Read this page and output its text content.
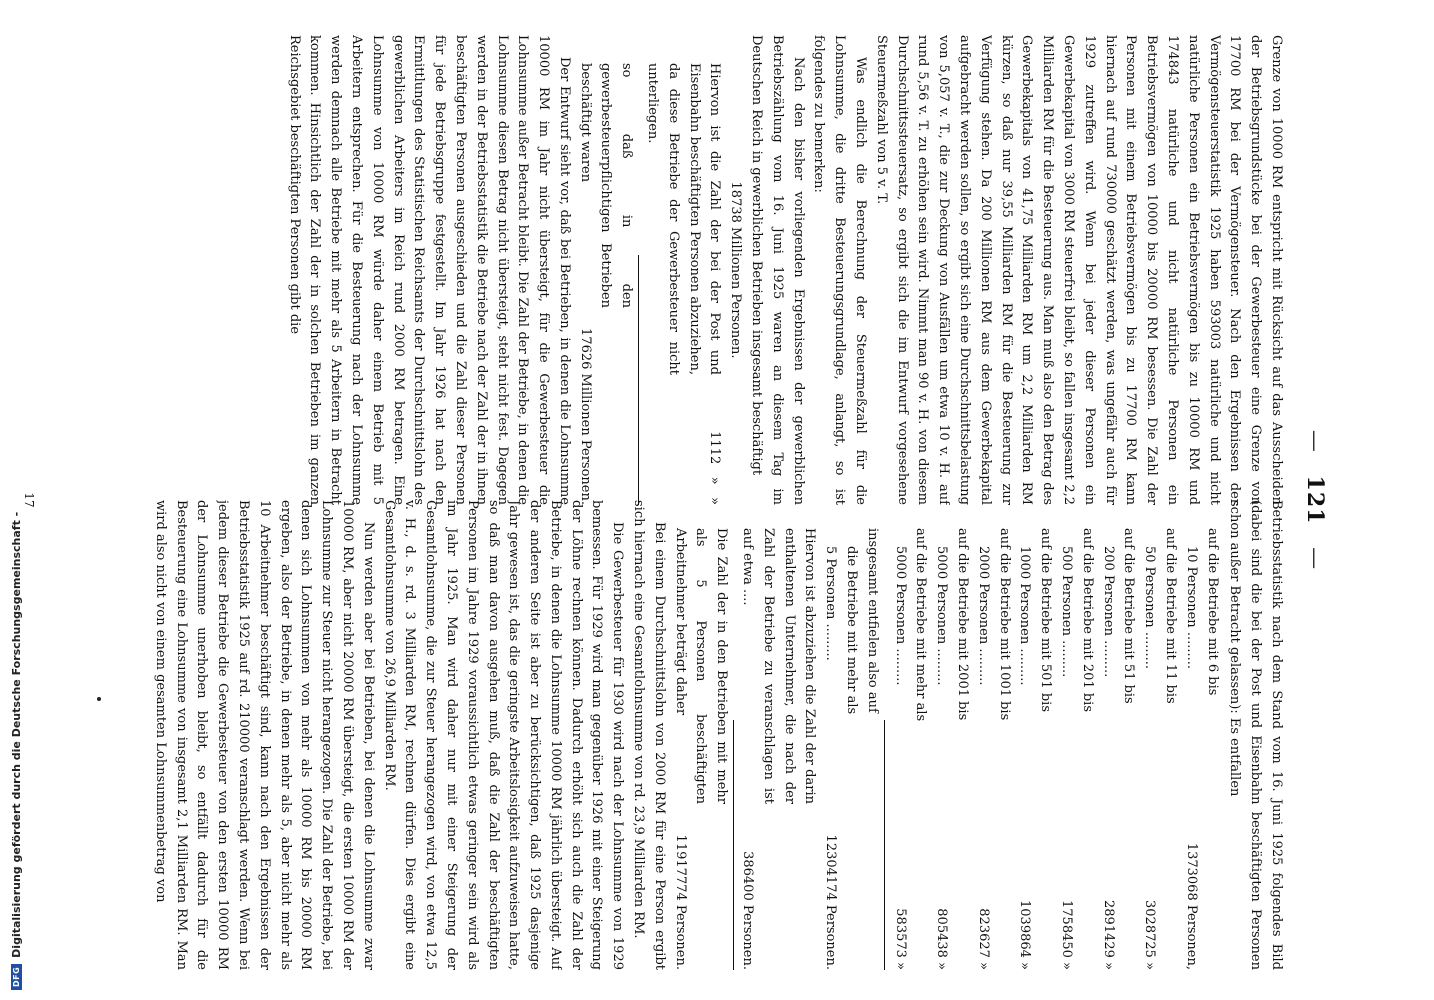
DFG
Digitalisierung gefördert durch die Deutsche Forschungsgemeinschaft -
— 121 —

Grenze von 10000 RM entspricht mit Rücksicht auf das Ausscheiden der Betriebsgrundstücke bei der Gewerbesteuer eine Grenze von 17700 RM bei der Vermögensteuer. Nach den Ergebnissen der Vermögensteuerstatistik 1925 haben 593003 natürliche und nicht natürliche Personen ein Betriebsvermögen bis zu 10000 RM und 174843 natürliche und nicht natürliche Personen ein Betriebsvermögen von 10000 bis 20000 RM besessen. Die Zahl der Personen mit einem Betriebsvermögen bis zu 17700 RM kann hiernach auf rund 730000 geschätzt werden, was ungefähr auch für 1929 zutreffen wird. Wenn bei jeder dieser Personen ein Gewerbekapital von 3000 RM steuerfrei bleibt, so fallen insgesamt 2,2 Milliarden RM für die Besteuerung aus. Man muß also den Betrag des Gewerbekapitals von 41,75 Milliarden RM um 2,2 Milliarden RM kürzen, so daß nur 39,55 Milliarden RM für die Besteuerung zur Verfügung stehen. Da 200 Millionen RM aus dem Gewerbekapital aufgebracht werden sollen, so ergibt sich eine Durchschnittsbelastung von 5,057 v. T., die zur Deckung von Ausfällen um etwa 10 v. H. auf rund 5,56 v. T. zu erhöhen sein wird. Nimmt man 90 v. H. von diesem Durchschnittssteuersatz, so ergibt sich die im Entwurf vorgesehene Steuermeßzahl von 5 v. T.

Was endlich die Berechnung der Steuermeßzahl für die Lohnsumme, die dritte Besteuerungsgrundlage, anlangt, so ist folgendes zu bemerken:

Nach den bisher vorliegenden Ergebnissen der gewerblichen Betriebszählung vom 16. Juni 1925 waren an diesem Tag im Deutschen Reich in gewerblichen Betrieben insgesamt beschäftigt

18738 Millionen Personen.

Hiervon ist die Zahl der bei der Post und Eisenbahn beschäftigten Personen abzuziehen, da diese Betriebe der Gewerbesteuer nicht unterliegen.
1112   »   »
so daß in den gewerbesteuerpflichtigen Betrieben beschäftigt waren
17626 Millionen Personen.

Der Entwurf sieht vor, daß bei Betrieben, in denen die Lohnsumme 10000 RM im Jahr nicht übersteigt, für die Gewerbesteuer die Lohnsumme außer Betracht bleibt. Die Zahl der Betriebe, in denen die Lohnsumme diesen Betrag nicht übersteigt, steht nicht fest. Dagegen werden in der Betriebsstatistik die Betriebe nach der Zahl der in ihnen beschäftigten Personen ausgeschieden und die Zahl dieser Personen für jede Betriebsgruppe festgestellt. Im Jahr 1926 hat nach den Ermittlungen des Statistischen Reichsamts der Durchschnittslohn des gewerblichen Arbeiters im Reich rund 2000 RM betragen. Eine Lohnsumme von 10000 RM würde daher einem Betrieb mit 5 Arbeitern entsprechen. Für die Besteuerung nach der Lohnsumme werden demnach alle Betriebe mit mehr als 5 Arbeitern in Betracht kommen. Hinsichtlich der Zahl der in solchen Betrieben im ganzen Reichsgebiet beschäftigten Personen gibt die

Betriebsstatistik nach dem Stand vom 16. Juni 1925 folgendes Bild (dabei sind die bei der Post und Eisenbahn beschäftigten Personen schon außer Betracht gelassen): Es entfallen

auf die Betriebe mit 6 bis
10 Personen .........
1373068 Personen,
auf die Betriebe mit 11 bis
50 Personen .........
3028725 »
auf die Betriebe mit 51 bis
200 Personen .........
2891429 »
auf die Betriebe mit 201 bis
500 Personen .........
1758450 »
auf die Betriebe mit 501 bis
1000 Personen .........
1039864 »
auf die Betriebe mit 1001 bis
2000 Personen .........
823627 »
auf die Betriebe mit 2001 bis
5000 Personen .........
805438 »
auf die Betriebe mit mehr als
5000 Personen .........
583573 »
insgesamt entfielen also auf
die Betriebe mit mehr als
5 Personen .........
12304174 Personen.
Hiervon ist abzuziehen die Zahl der darin enthaltenen Unternehmer, die nach der Zahl der Betriebe zu veranschlagen ist auf etwa ....
386400 Personen.
Die Zahl der in den Betrieben mit mehr als 5 Personen beschäftigten Arbeitnehmer beträgt daher
11917774 Personen.

Bei einem Durchschnittslohn von 2000 RM für eine Person ergibt sich hiernach eine Gesamtlohnsumme von rd. 23,9 Milliarden RM.

Die Gewerbesteuer für 1930 wird nach der Lohnsumme von 1929 bemessen. Für 1929 wird man gegenüber 1926 mit einer Steigerung der Löhne rechnen können. Dadurch erhöht sich auch die Zahl der Betriebe, in denen die Lohnsumme 10000 RM jährlich übersteigt. Auf der anderen Seite ist aber zu berücksichtigen, daß 1925 dasjenige Jahr gewesen ist, das die geringste Arbeitslosigkeit aufzuweisen hatte, so daß man davon ausgehen muß, daß die Zahl der beschäftigten Personen im Jahre 1929 voraussichtlich etwas geringer sein wird als im Jahr 1925. Man wird daher nur mit einer Steigerung der Gesamtlohnsumme, die zur Steuer herangezogen wird, von etwa 12,5 v. H., d. s. rd. 3 Milliarden RM, rechnen dürfen. Dies ergibt eine Gesamtlohnsumme von 26,9 Milliarden RM.

Nun werden aber bei Betrieben, bei denen die Lohnsumme zwar 10000 RM, aber nicht 20000 RM übersteigt, die ersten 10000 RM der Lohnsumme zur Steuer nicht herangezogen. Die Zahl der Betriebe, bei denen sich Lohnsummen von mehr als 10000 RM bis 20000 RM ergeben, also der Betriebe, in denen mehr als 5, aber nicht mehr als 10 Arbeitnehmer beschäftigt sind, kann nach den Ergebnissen der Betriebsstatistik 1925 auf rd. 210000 veranschlagt werden. Wenn bei jedem dieser Betriebe die Gewerbesteuer von den ersten 10000 RM der Lohnsumme unerhoben bleibt, so entfällt dadurch für die Besteuerung eine Lohnsumme von insgesamt 2,1 Milliarden RM. Man wird also nicht von einem gesamten Lohnsummenbetrag von

17
